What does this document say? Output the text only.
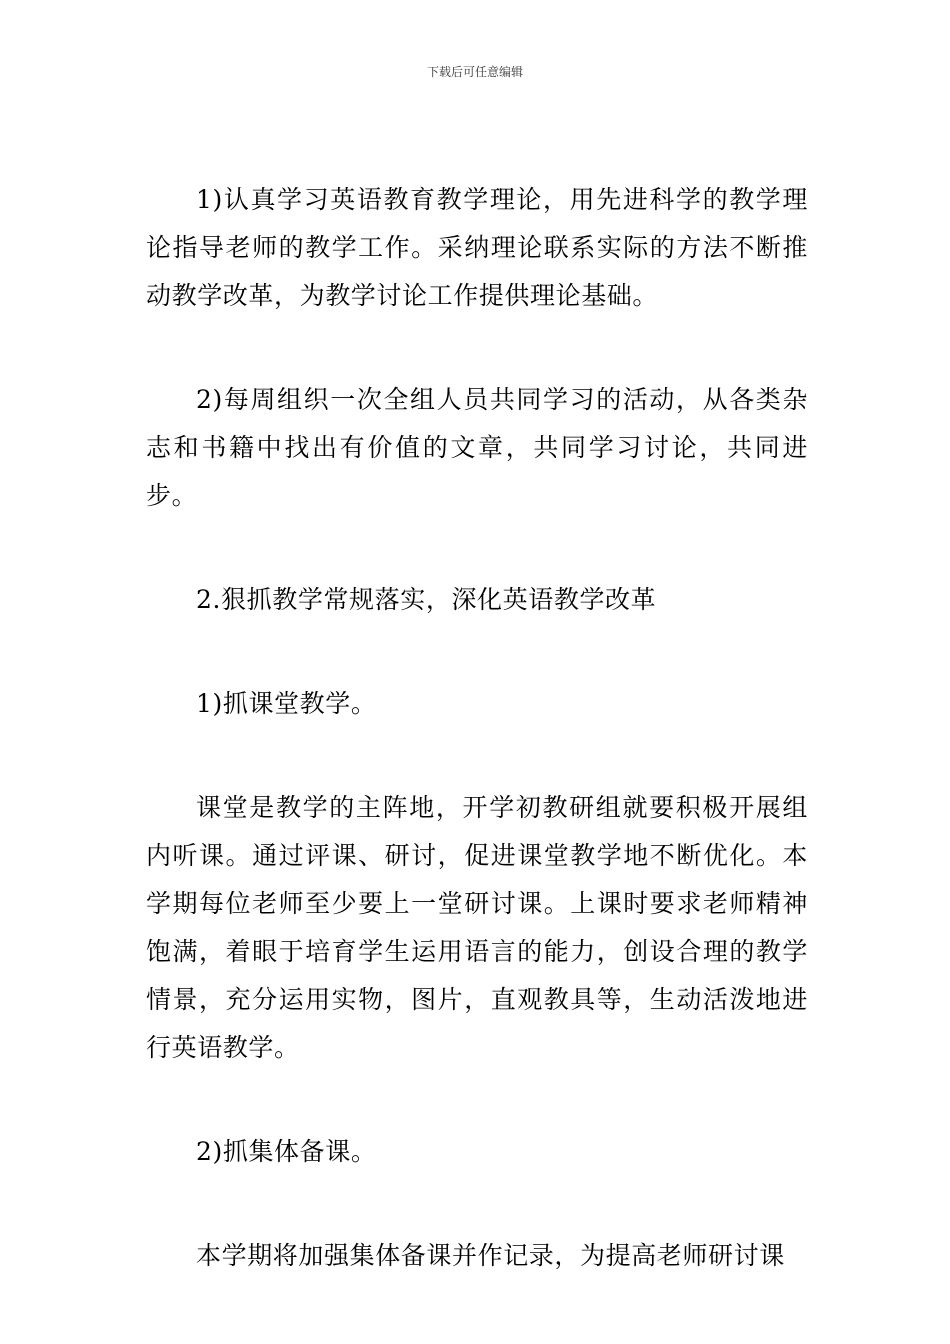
下载后可任意编辑

1)认真学习英语教育教学理论，用先进科学的教学理论指导老师的教学工作。采纳理论联系实际的方法不断推动教学改革，为教学讨论工作提供理论基础。

2)每周组织一次全组人员共同学习的活动，从各类杂志和书籍中找出有价值的文章，共同学习讨论，共同进步。

2.狠抓教学常规落实，深化英语教学改革

1)抓课堂教学。

课堂是教学的主阵地，开学初教研组就要积极开展组内听课。通过评课、研讨，促进课堂教学地不断优化。本学期每位老师至少要上一堂研讨课。上课时要求老师精神饱满，着眼于培育学生运用语言的能力，创设合理的教学情景，充分运用实物，图片，直观教具等，生动活泼地进行英语教学。

2)抓集体备课。

本学期将加强集体备课并作记录，为提高老师研讨课
